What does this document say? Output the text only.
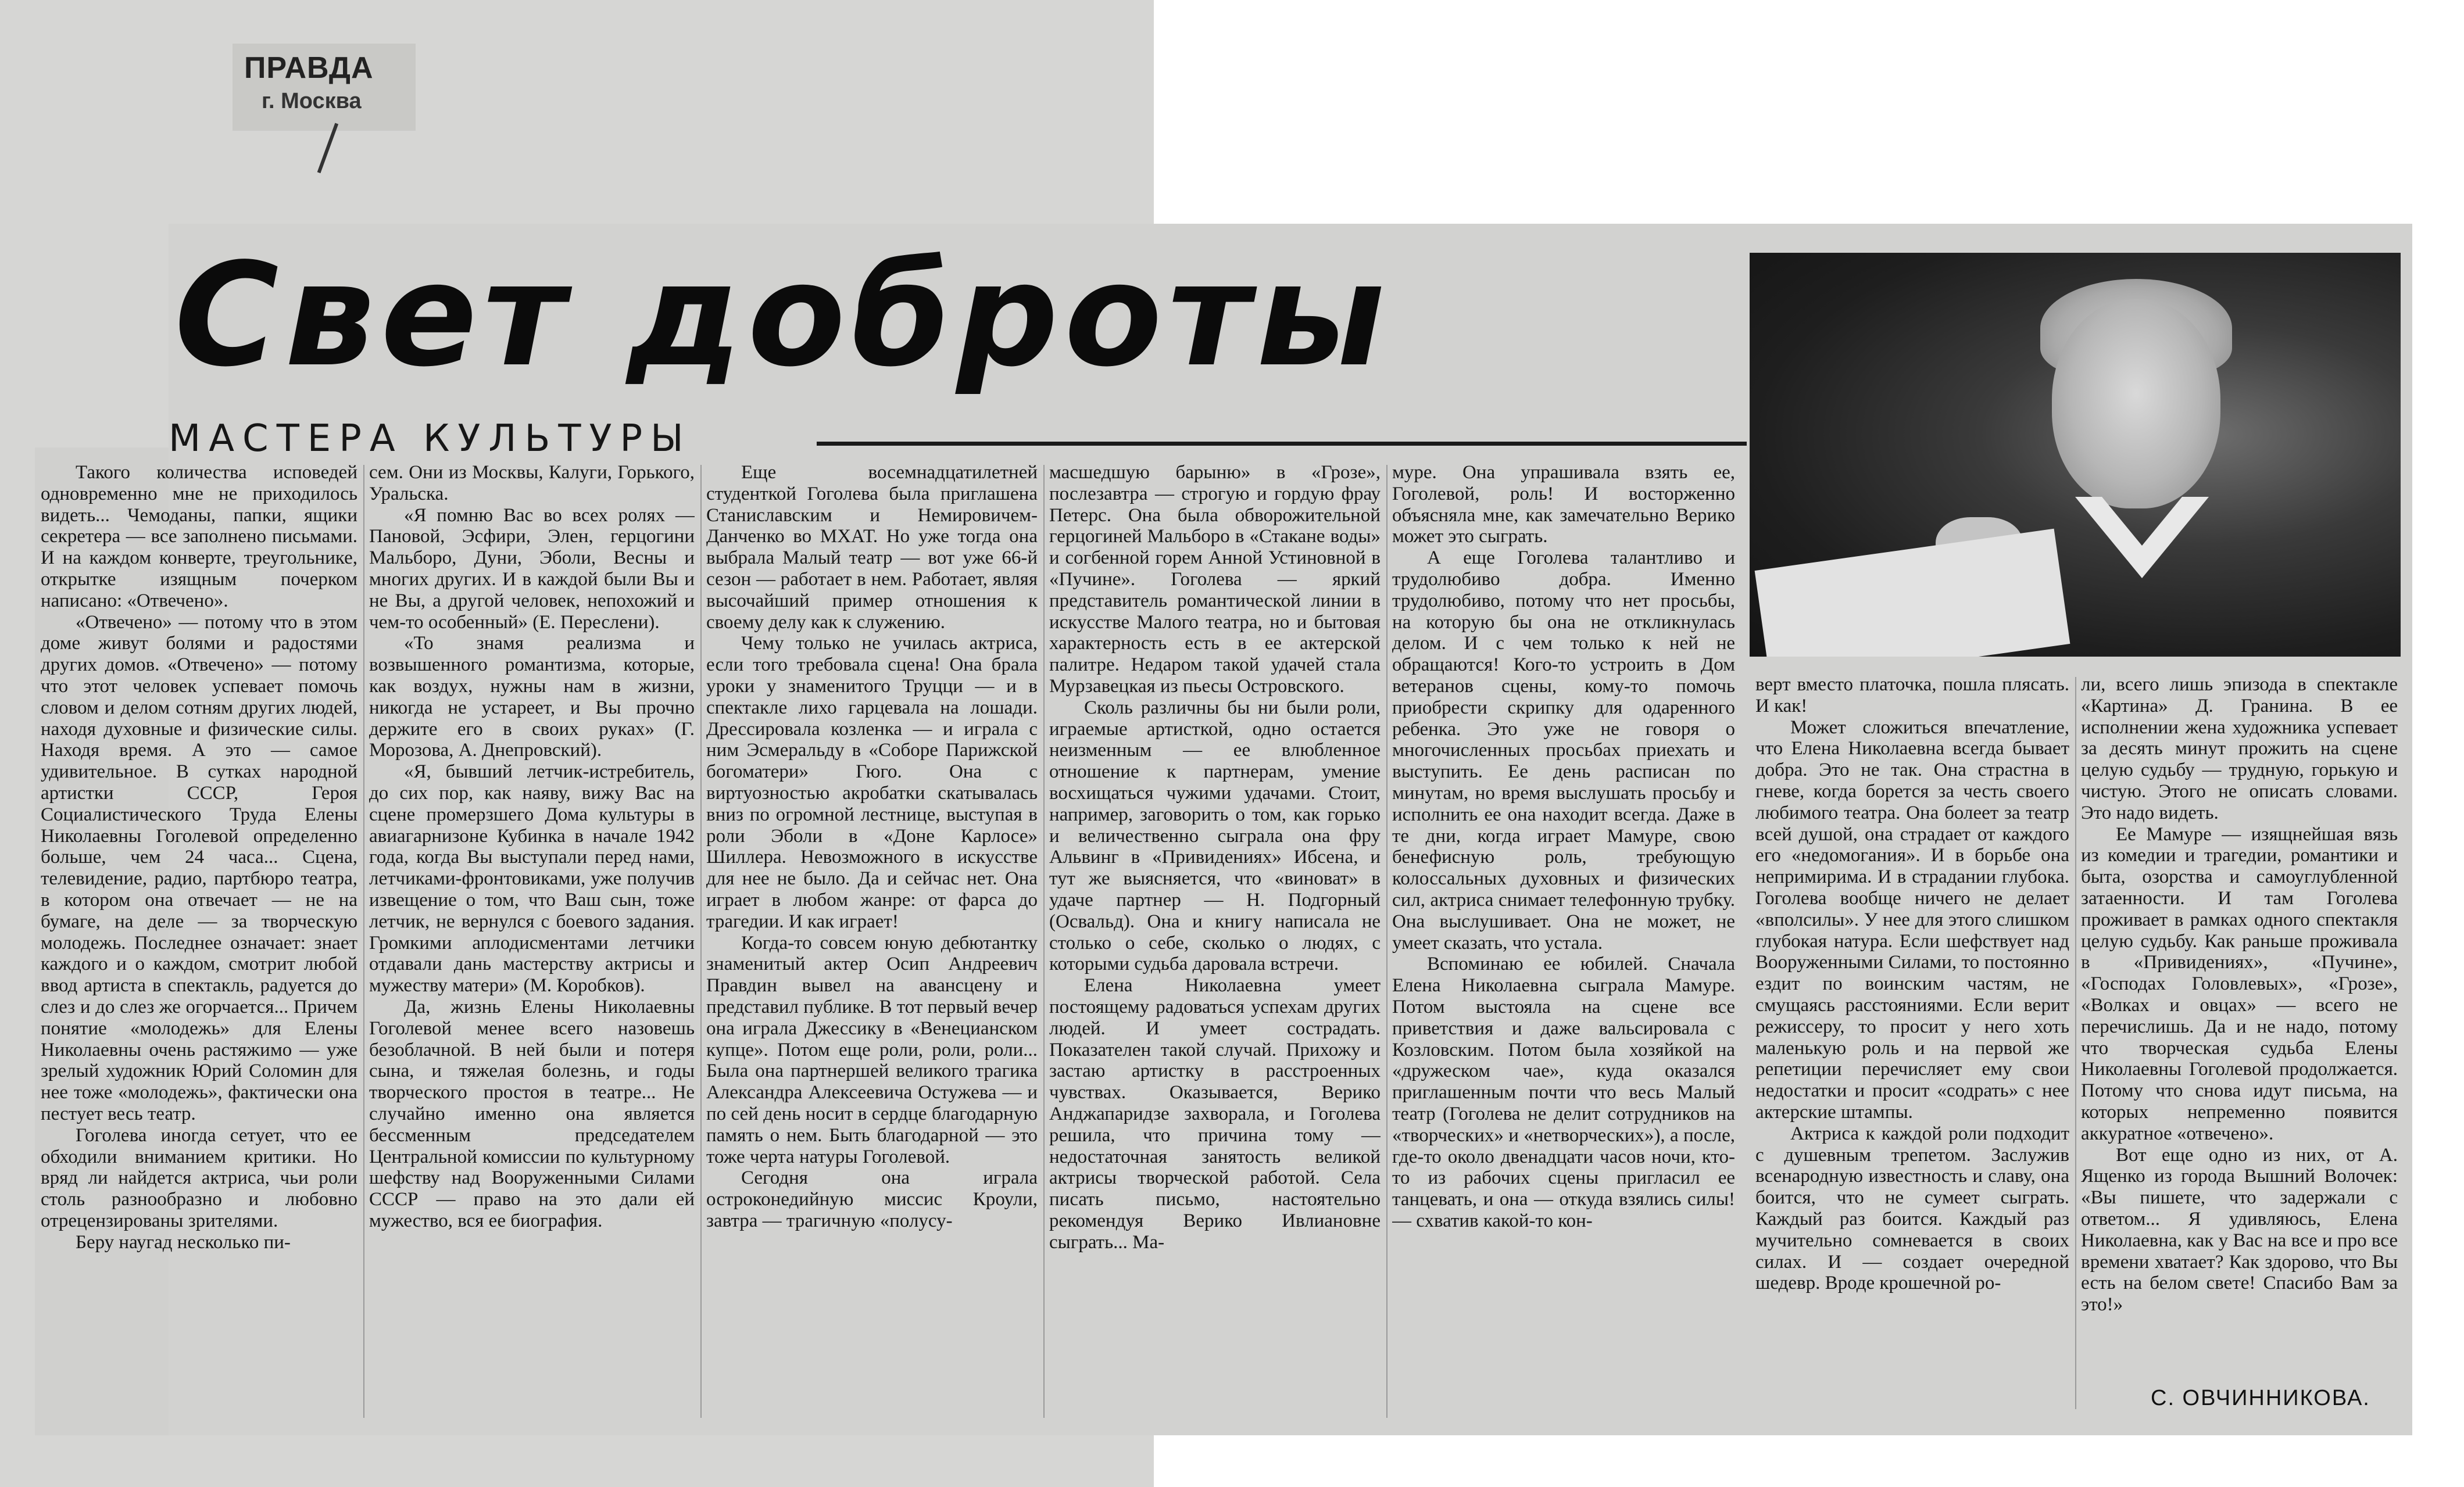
ПРАВДА
г. Москва
Свет доброты
МАСТЕРА КУЛЬТУРЫ

Такого количества исповедей одновременно мне не приходилось видеть... Чемоданы, папки, ящики секретера — все заполнено письмами. И на каждом конверте, треугольнике, открытке изящным почерком написано: «Отвечено».

«Отвечено» — потому что в этом доме живут болями и радостями других домов. «Отвечено» — потому что этот человек успевает помочь словом и делом сотням других людей, находя духовные и физические силы. Находя время. А это — самое удивительное. В сутках народной артистки СССР, Героя Социалистического Труда Елены Николаевны Гоголевой определенно больше, чем 24 часа... Сцена, телевидение, радио, партбюро театра, в котором она отвечает — не на бумаге, на деле — за творческую молодежь. Последнее означает: знает каждого и о каждом, смотрит любой ввод артиста в спектакль, радуется до слез и до слез же огорчается... Причем понятие «молодежь» для Елены Николаевны очень растяжимо — уже зрелый художник Юрий Соломин для нее тоже «молодежь», фактически она пестует весь театр.

Гоголева иногда сетует, что ее обходили вниманием критики. Но вряд ли найдется актриса, чьи роли столь разнообразно и любовно отрецензированы зрителями.

Беру наугад несколько пи-

сем. Они из Москвы, Калуги, Горького, Уральска.

«Я помню Вас во всех ролях — Пановой, Эсфири, Элен, герцогини Мальборо, Дуни, Эболи, Весны и многих других. И в каждой были Вы и не Вы, а другой человек, непохожий и чем-то особенный» (Е. Переслени).

«То знамя реализма и возвышенного романтизма, которые, как воздух, нужны нам в жизни, никогда не устареет, и Вы прочно держите его в своих руках» (Г. Морозова, А. Днепровский).

«Я, бывший летчик-истребитель, до сих пор, как наяву, вижу Вас на сцене промерзшего Дома культуры в авиагарнизоне Кубинка в начале 1942 года, когда Вы выступали перед нами, летчиками-фронтовиками, уже получив извещение о том, что Ваш сын, тоже летчик, не вернулся с боевого задания. Громкими аплодисментами летчики отдавали дань мастерству актрисы и мужеству матери» (М. Коробков).

Да, жизнь Елены Николаевны Гоголевой менее всего назовешь безоблачной. В ней были и потеря сына, и тяжелая болезнь, и годы творческого простоя в театре... Не случайно именно она является бессменным председателем Центральной комиссии по культурному шефству над Вооруженными Силами СССР — право на это дали ей мужество, вся ее биография.

Еще восемнадцатилетней студенткой Гоголева была приглашена Станиславским и Немировичем-Данченко во МХАТ. Но уже тогда она выбрала Малый театр — вот уже 66-й сезон — работает в нем. Работает, являя высочайший пример отношения к своему делу как к служению.

Чему только не училась актриса, если того требовала сцена! Она брала уроки у знаменитого Труцци — и в спектакле лихо гарцевала на лошади. Дрессировала козленка — и играла с ним Эсмеральду в «Соборе Парижской богоматери» Гюго. Она с виртуозностью акробатки скатывалась вниз по огромной лестнице, выступая в роли Эболи в «Доне Карлосе» Шиллера. Невозможного в искусстве для нее не было. Да и сейчас нет. Она играет в любом жанре: от фарса до трагедии. И как играет!

Когда-то совсем юную дебютантку знаменитый актер Осип Андреевич Правдин вывел на авансцену и представил публике. В тот первый вечер она играла Джессику в «Венецианском купце». Потом еще роли, роли, роли... Была она партнершей великого трагика Александра Алексеевича Остужева — и по сей день носит в сердце благодарную память о нем. Быть благодарной — это тоже черта натуры Гоголевой.

Сегодня она играла остроконедийную миссис Кроули, завтра — трагичную «полусу-

масшедшую барыню» в «Грозе», послезавтра — строгую и гордую фрау Петерс. Она была обворожительной герцогиней Мальборо в «Стакане воды» и согбенной горем Анной Устиновной в «Пучине». Гоголева — яркий представитель романтической линии в искусстве Малого театра, но и бытовая характерность есть в ее актерской палитре. Недаром такой удачей стала Мурзавецкая из пьесы Островского.

Сколь различны бы ни были роли, играемые артисткой, одно остается неизменным — ее влюбленное отношение к партнерам, умение восхищаться чужими удачами. Стоит, например, заговорить о том, как горько и величественно сыграла она фру Альвинг в «Привидениях» Ибсена, и тут же выясняется, что «виноват» в удаче партнер — Н. Подгорный (Освальд). Она и книгу написала не столько о себе, сколько о людях, с которыми судьба даровала встречи.

Елена Николаевна умеет постоящему радоваться успехам других людей. И умеет сострадать. Показателен такой случай. Прихожу и застаю артистку в расстроенных чувствах. Оказывается, Верико Анджапаридзе захворала, и Гоголева решила, что причина тому — недостаточная занятость великой актрисы творческой работой. Села писать письмо, настоятельно рекомендуя Верико Ивлиановне сыграть... Ма-

мурe. Она упрашивала взять ее, Гоголевой, роль! И восторженно объясняла мне, как замечательно Верико может это сыграть.

А еще Гоголева талантливо и трудолюбиво добра. Именно трудолюбиво, потому что нет просьбы, на которую бы она не откликнулась делом. И с чем только к ней не обращаются! Кого-то устроить в Дом ветеранов сцены, кому-то помочь приобрести скрипку для одаренного ребенка. Это уже не говоря о многочисленных просьбах приехать и выступить. Ее день расписан по минутам, но время выслушать просьбу и исполнить ее она находит всегда. Даже в те дни, когда играет Мамуре, свою бенефисную роль, требующую колоссальных духовных и физических сил, актриса снимает телефонную трубку. Она выслушивает. Она не может, не умеет сказать, что устала.

Вспоминаю ее юбилей. Сначала Елена Николаевна сыграла Мамуре. Потом выстояла на сцене все приветствия и даже вальсировала с Козловским. Потом была хозяйкой на «дружеском чае», куда оказался приглашенным почти что весь Малый театр (Гоголева не делит сотрудников на «творческих» и «нетворческих»), а после, где-то около двенадцати часов ночи, кто-то из рабочих сцены пригласил ее танцевать, и она — откуда взялись силы! — схватив какой-то кон-

верт вместо платочка, пошла плясать. И как!

Может сложиться впечатление, что Елена Николаевна всегда бывает добра. Это не так. Она страстна в гневе, когда борется за честь своего любимого театра. Она болеет за театр всей душой, она страдает от каждого его «недомогания». И в борьбе она непримирима. И в страдании глубока. Гоголева вообще ничего не делает «вполсилы». У нее для этого слишком глубокая натура. Если шефствует над Вооруженными Силами, то постоянно ездит по воинским частям, не смущаясь расстояниями. Если верит режиссеру, то просит у него хоть маленькую роль и на первой же репетиции перечисляет ему свои недостатки и просит «содрать» с нее актерские штампы.

Актриса к каждой роли подходит с душевным трепетом. Заслужив всенародную известность и славу, она боится, что не сумеет сыграть. Каждый раз боится. Каждый раз мучительно сомневается в своих силах. И — создает очередной шедевр. Вроде крошечной ро-

ли, всего лишь эпизода в спектакле «Картина» Д. Гранина. В ее исполнении жена художника успевает за десять минут прожить на сцене целую судьбу — трудную, горькую и чистую. Этого не описать словами. Это надо видеть.

Ее Мамуре — изящнейшая вязь из комедии и трагедии, романтики и быта, озорства и самоуглубленной затаенности. И там Гоголева проживает в рамках одного спектакля целую судьбу. Как раньше проживала в «Привидениях», «Пучине», «Господах Головлевых», «Грозе», «Волках и овцах» — всего не перечислишь. Да и не надо, потому что творческая судьба Елены Николаевны Гоголевой продолжается. Потому что снова идут письма, на которых непременно появится аккуратное «отвечено».

Вот еще одно из них, от А. Ященко из города Вышний Волочек: «Вы пишете, что задержали с ответом... Я удивляюсь, Елена Николаевна, как у Вас на все и про все времени хватает? Как здорово, что Вы есть на белом свете! Спасибо Вам за это!»

С. ОВЧИННИКОВА.
